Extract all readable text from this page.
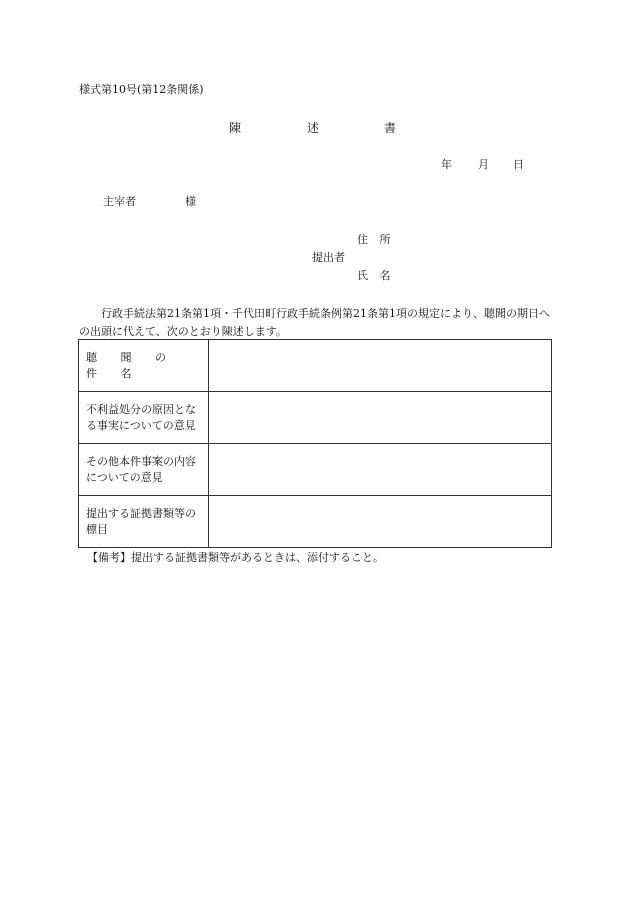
様式第10号(第12条関係)
陳	述	書
年 月 日
主宰者	様
住 所
提出者
氏 名
行政手続法第21条第1項・千代田町行政手続条例第21条第1項の規定により、聴聞の期日への出頭に代えて、次のとおり陳述します。
聴 聞 の 件 名	
不利益処分の原因となる事実についての意見	
その他本件事案の内容についての意見	
提出する証拠書類等の標目	
【備考】提出する証拠書類等があるときは、添付すること。
